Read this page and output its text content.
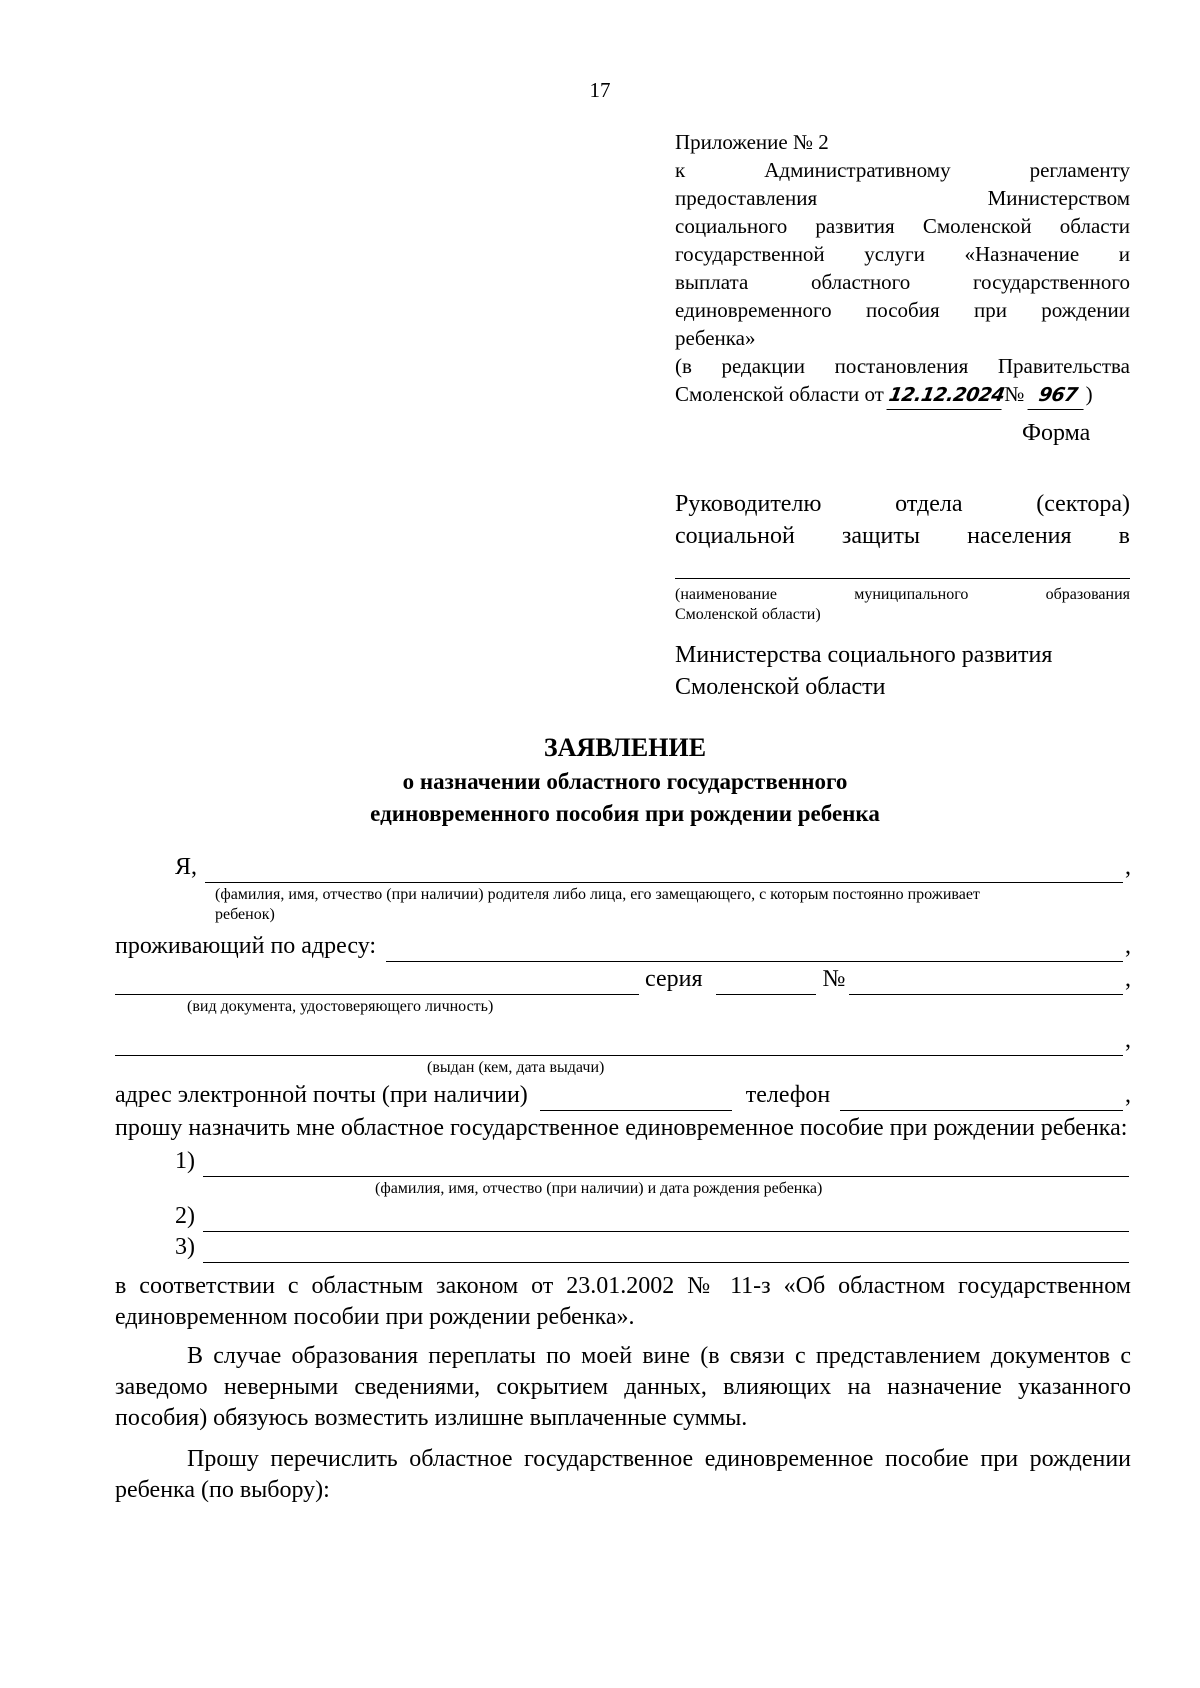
17
Приложение № 2
к Административному регламенту
предоставления Министерством
социального развития Смоленской области
государственной услуги «Назначение и
выплата областного государственного
единовременного пособия при рождении
ребенка»
(в редакции постановления Правительства
Смоленской области от 12.12.2024№ 967 )
Форма
Руководителю отдела (сектора)
социальной защиты населения в
(наименование муниципального образования
Смоленской области)
Министерства социального развития
Смоленской области
ЗАЯВЛЕНИЕ
о назначении областного государственного
единовременного пособия при рождении ребенка
Я,	,
(фамилия, имя, отчество (при наличии) родителя либо лица, его замещающего, с которым постоянно проживает ребенок)
проживающий по адресу:	,
серия	№	,
(вид документа, удостоверяющего личность)
,
(выдан (кем, дата выдачи)
адрес электронной почты (при наличии)	телефон	,
прошу назначить мне областное государственное единовременное пособие при рождении ребенка:
1)
(фамилия, имя, отчество (при наличии) и дата рождения ребенка)
2)
3)
в соответствии с областным законом от 23.01.2002 № 11-з «Об областном государственном единовременном пособии при рождении ребенка».
В случае образования переплаты по моей вине (в связи с представлением документов с заведомо неверными сведениями, сокрытием данных, влияющих на назначение указанного пособия) обязуюсь возместить излишне выплаченные суммы.
Прошу перечислить областное государственное единовременное пособие при рождении ребенка (по выбору):
